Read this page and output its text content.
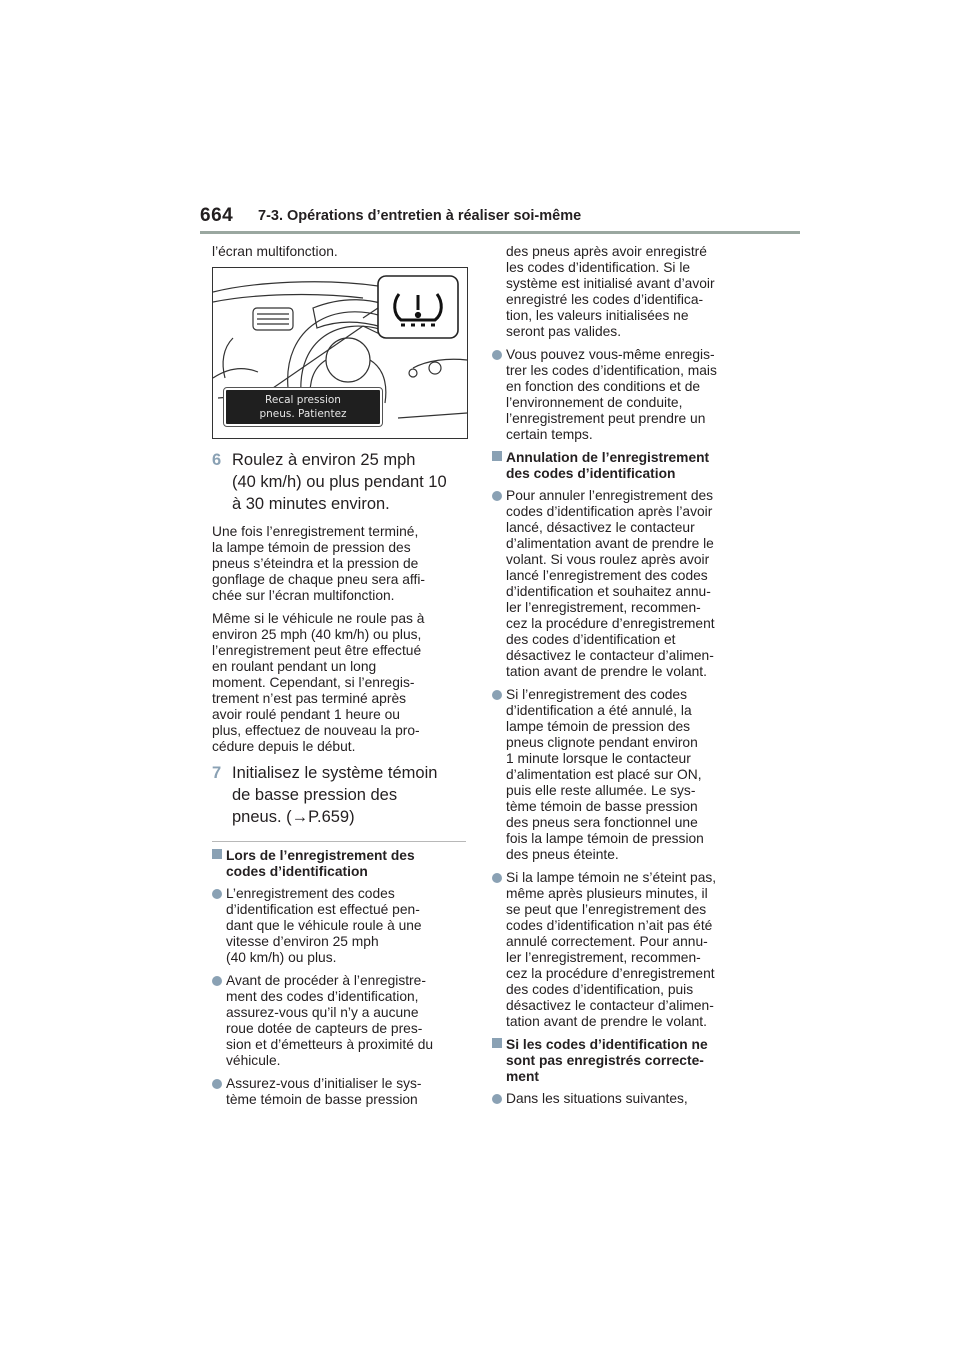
664 7-3. Opérations d’entretien à réaliser soi-même

l’écran multifonction.

Recal pression
pneus. Patientez
6 Roulez à environ 25 mph
(40 km/h) ou plus pendant 10
à 30 minutes environ.
Une fois l’enregistrement terminé,
la lampe témoin de pression des
pneus s’éteindra et la pression de
gonflage de chaque pneu sera affi-
chée sur l’écran multifonction.
Même si le véhicule ne roule pas à
environ 25 mph (40 km/h) ou plus,
l’enregistrement peut être effectué
en roulant pendant un long
moment. Cependant, si l’enregis-
trement n’est pas terminé après
avoir roulé pendant 1 heure ou
plus, effectuez de nouveau la pro-
cédure depuis le début.
7 Initialisez le système témoin
de basse pression des
pneus. (→P.659)
Lors de l’enregistrement des
codes d’identification
L’enregistrement des codes
d’identification est effectué pen-
dant que le véhicule roule à une
vitesse d’environ 25 mph
(40 km/h) ou plus.
Avant de procéder à l’enregistre-
ment des codes d’identification,
assurez-vous qu’il n’y a aucune
roue dotée de capteurs de pres-
sion et d’émetteurs à proximité du
véhicule.
Assurez-vous d’initialiser le sys-
tème témoin de basse pression
des pneus après avoir enregistré
les codes d’identification. Si le
système est initialisé avant d’avoir
enregistré les codes d’identifica-
tion, les valeurs initialisées ne
seront pas valides.
Vous pouvez vous-même enregis-
trer les codes d’identification, mais
en fonction des conditions et de
l’environnement de conduite,
l’enregistrement peut prendre un
certain temps.
Annulation de l’enregistrement
des codes d’identification
Pour annuler l’enregistrement des
codes d’identification après l’avoir
lancé, désactivez le contacteur
d’alimentation avant de prendre le
volant. Si vous roulez après avoir
lancé l’enregistrement des codes
d’identification et souhaitez annu-
ler l’enregistrement, recommen-
cez la procédure d’enregistrement
des codes d’identification et
désactivez le contacteur d’alimen-
tation avant de prendre le volant.
Si l’enregistrement des codes
d’identification a été annulé, la
lampe témoin de pression des
pneus clignote pendant environ
1 minute lorsque le contacteur
d’alimentation est placé sur ON,
puis elle reste allumée. Le sys-
tème témoin de basse pression
des pneus sera fonctionnel une
fois la lampe témoin de pression
des pneus éteinte.
Si la lampe témoin ne s’éteint pas,
même après plusieurs minutes, il
se peut que l’enregistrement des
codes d’identification n’ait pas été
annulé correctement. Pour annu-
ler l’enregistrement, recommen-
cez la procédure d’enregistrement
des codes d’identification, puis
désactivez le contacteur d’alimen-
tation avant de prendre le volant.
Si les codes d’identification ne
sont pas enregistrés correcte-
ment
Dans les situations suivantes,
